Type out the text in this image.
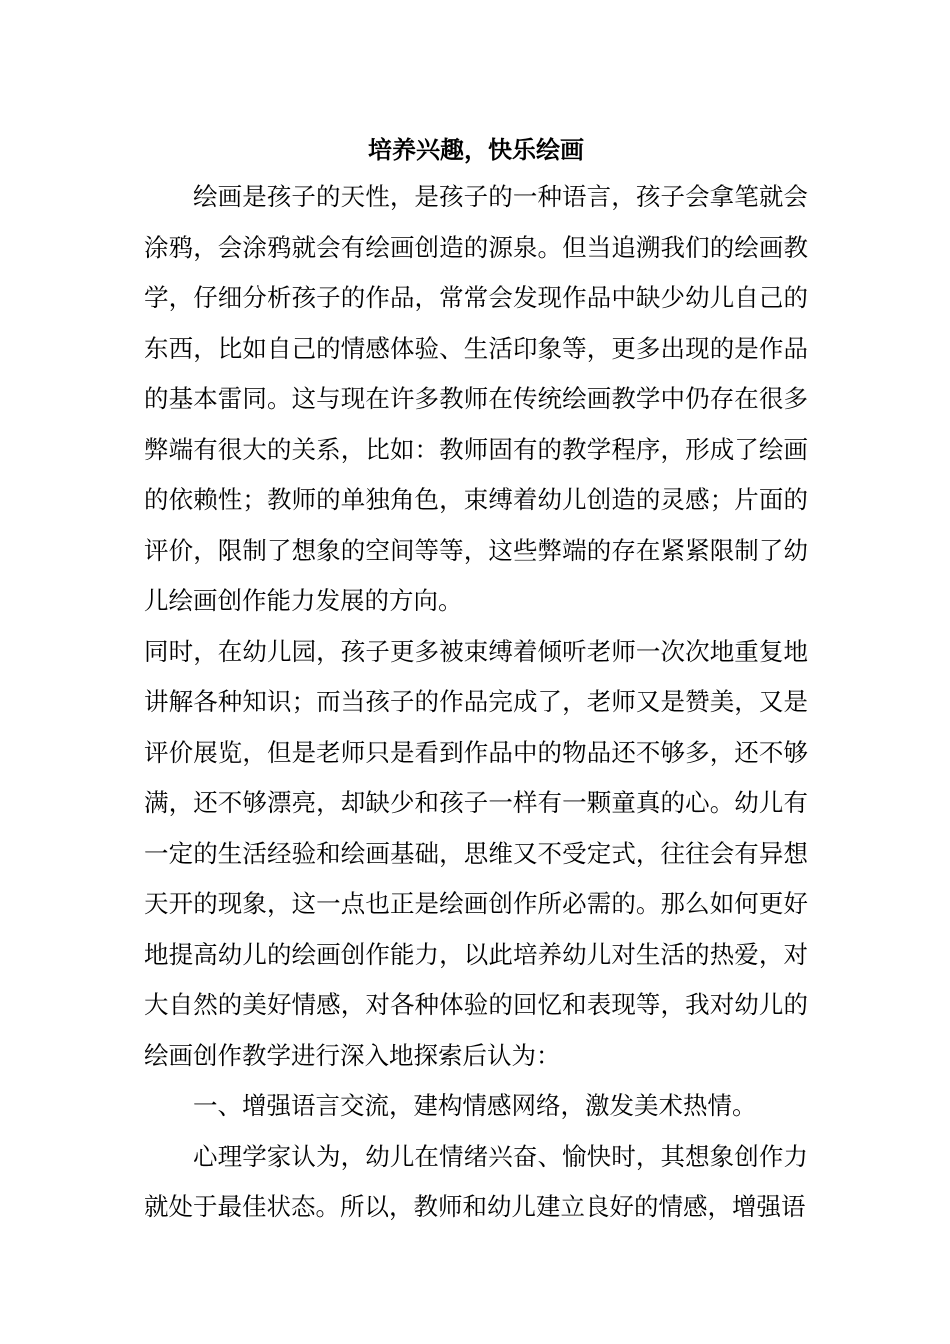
培养兴趣，快乐绘画

绘画是孩子的天性，是孩子的一种语言，孩子会拿笔就会涂鸦，会涂鸦就会有绘画创造的源泉。但当追溯我们的绘画教学，仔细分析孩子的作品，常常会发现作品中缺少幼儿自己的东西，比如自己的情感体验、生活印象等，更多出现的是作品的基本雷同。这与现在许多教师在传统绘画教学中仍存在很多弊端有很大的关系，比如：教师固有的教学程序，形成了绘画的依赖性；教师的单独角色，束缚着幼儿创造的灵感；片面的评价，限制了想象的空间等等，这些弊端的存在紧紧限制了幼儿绘画创作能力发展的方向。

同时，在幼儿园，孩子更多被束缚着倾听老师一次次地重复地讲解各种知识；而当孩子的作品完成了，老师又是赞美，又是评价展览，但是老师只是看到作品中的物品还不够多，还不够满，还不够漂亮，却缺少和孩子一样有一颗童真的心。幼儿有一定的生活经验和绘画基础，思维又不受定式，往往会有异想天开的现象，这一点也正是绘画创作所必需的。那么如何更好地提高幼儿的绘画创作能力，以此培养幼儿对生活的热爱，对大自然的美好情感，对各种体验的回忆和表现等，我对幼儿的绘画创作教学进行深入地探索后认为：

一、增强语言交流，建构情感网络，激发美术热情。

心理学家认为，幼儿在情绪兴奋、愉快时，其想象创作力就处于最佳状态。所以，教师和幼儿建立良好的情感，增强语
